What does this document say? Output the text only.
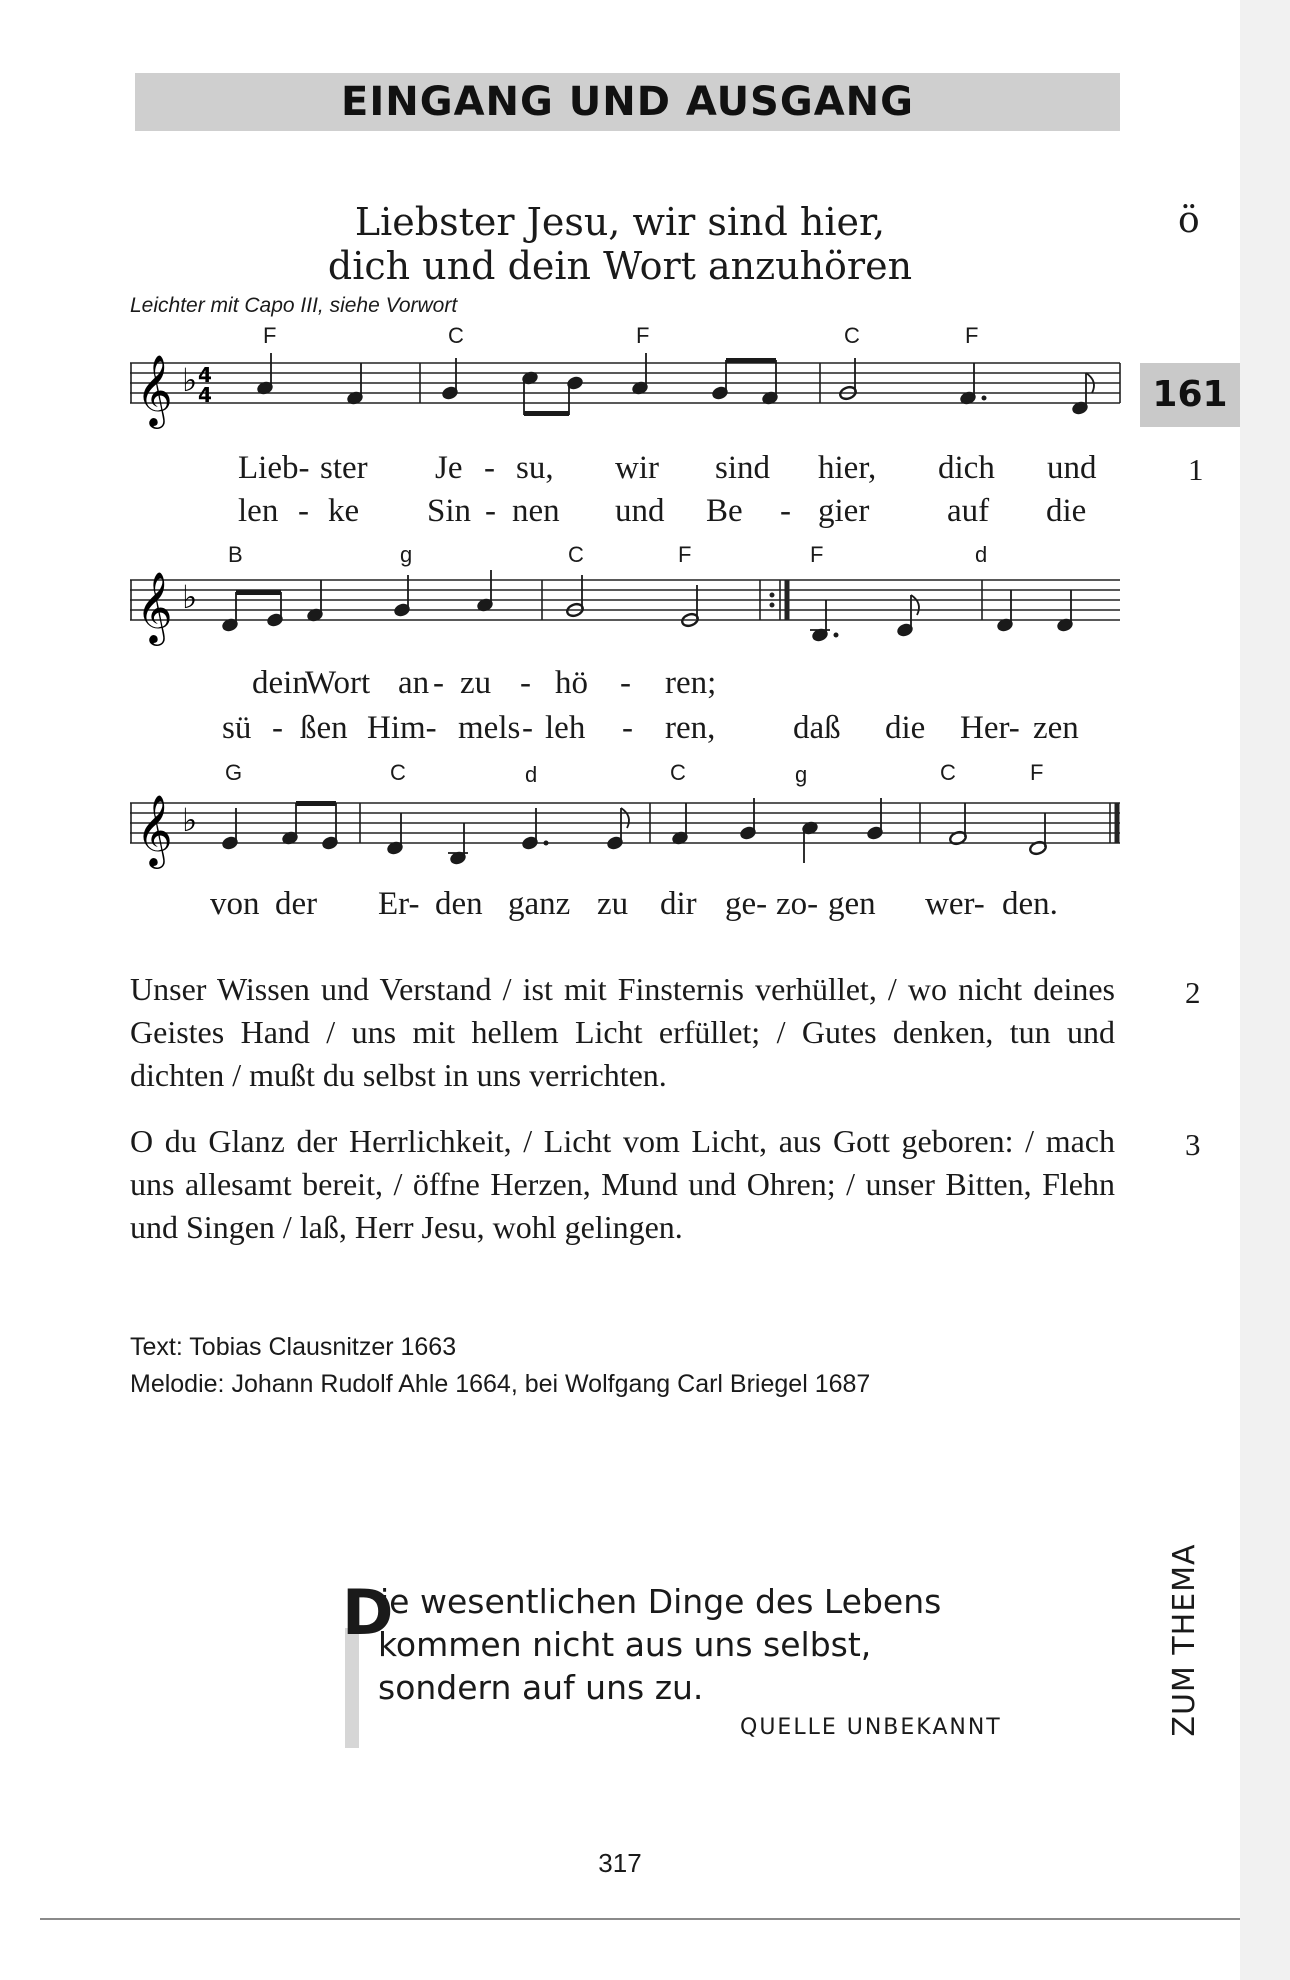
EINGANG UND AUSGANG
Liebster Jesu, wir sind hier,
dich und dein Wort anzuhören
ö
161
Leichter mit Capo III, siehe Vorwort
F	C	F	C	F
𝄞 ♭ 4
4
Lieb- ster Je - su, wir sind hier, dich und	1
len - ke Sin - nen und Be - gier auf die
B	g	C	F	F	d
𝄞 ♭
dein
Wort an - zu - hö - ren;
sü - ßen Him- mels - leh - ren, daß die Her- zen
G	C	d	C	g	C	F
𝄞 ♭
von der Er- den ganz zu dir ge- zo- gen wer- den.
Unser Wissen und Verstand / ist mit Finsternis verhüllet, / wo nicht deines Geistes Hand / uns mit hellem Licht erfüllet; / Gutes denken, tun und dichten / mußt du selbst in uns verrichten.
2
O du Glanz der Herrlichkeit, / Licht vom Licht, aus Gott geboren: / mach uns allesamt bereit, / öffne Herzen, Mund und Ohren; / unser Bitten, Flehn und Singen / laß, Herr Jesu, wohl gelingen.
3
Text: Tobias Clausnitzer 1663
Melodie: Johann Rudolf Ahle 1664, bei Wolfgang Carl Briegel 1687
D
ie wesentlichen Dinge des Lebens
kommen nicht aus uns selbst,
sondern auf uns zu.
QUELLE UNBEKANNT	ZUM THEMA
317
